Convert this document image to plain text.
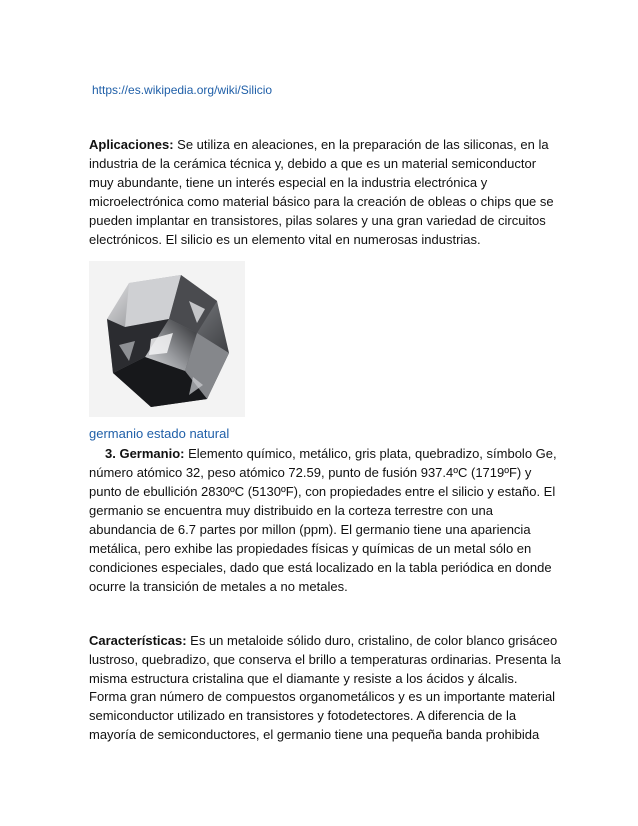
https://es.wikipedia.org/wiki/Silicio

Aplicaciones: Se utiliza en aleaciones, en la preparación de las siliconas, en la industria de la cerámica técnica y, debido a que es un material semiconductor muy abundante, tiene un interés especial en la industria electrónica y microelectrónica como material básico para la creación de obleas o chips que se pueden implantar en transistores, pilas solares y una gran variedad de circuitos electrónicos. El silicio es un elemento vital en numerosas industrias.

germanio estado natural

3. Germanio: Elemento químico, metálico, gris plata, quebradizo, símbolo Ge, número atómico 32, peso atómico 72.59, punto de fusión 937.4ºC (1719ºF) y punto de ebullición 2830ºC (5130ºF), con propiedades entre el silicio y estaño. El germanio se encuentra muy distribuido en la corteza terrestre con una abundancia de 6.7 partes por millon (ppm). El germanio tiene una apariencia metálica, pero exhibe las propiedades físicas y químicas de un metal sólo en condiciones especiales, dado que está localizado en la tabla periódica en donde ocurre la transición de metales a no metales.

Características: Es un metaloide sólido duro, cristalino, de color blanco grisáceo lustroso, quebradizo, que conserva el brillo a temperaturas ordinarias. Presenta la misma estructura cristalina que el diamante y resiste a los ácidos y álcalis.

Forma gran número de compuestos organometálicos y es un importante material semiconductor utilizado en transistores y fotodetectores. A diferencia de la mayoría de semiconductores, el germanio tiene una pequeña banda prohibida
